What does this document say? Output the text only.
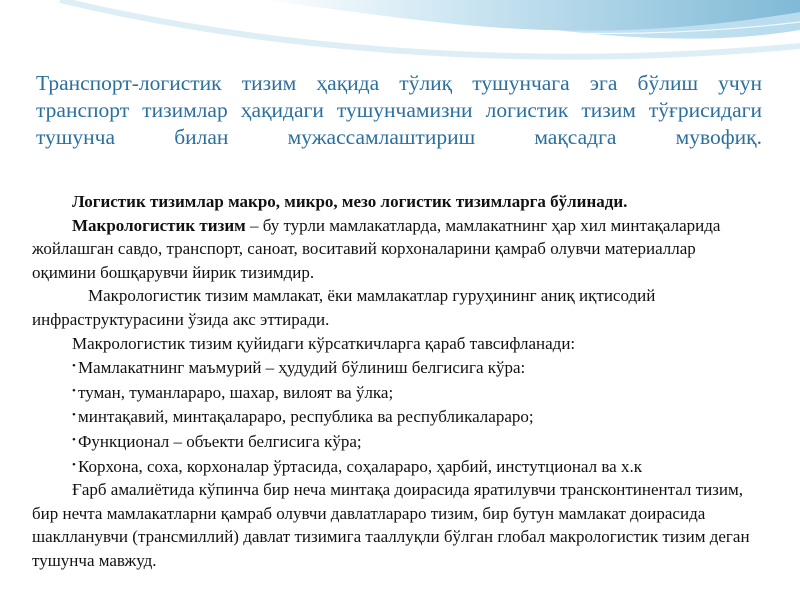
Транспорт-логистик тизим ҳақида тўлиқ тушунчага эга бўлиш учун
транспорт тизимлар ҳақидаги тушунчамизни логистик тизим тўғрисидаги
тушунча билан мужассамлаштириш мақсадга мувофиқ.

Логистик тизимлар макро, микро, мезо логистик тизимларга бўлинади.

Макрологистик тизим – бу турли мамлакатларда, мамлакатнинг ҳар хил минтақаларида жойлашган савдо, транспорт, саноат, воситавий корхоналарини қамраб олувчи материаллар оқимини бошқарувчи йирик тизимдир.

Макрологистик тизим мамлакат, ёки мамлакатлар гуруҳининг аниқ иқтисодий инфраструктурасини ўзида акс эттиради.

Макрологистик тизим қуйидаги кўрсаткичларга қараб тавсифланади:

• Мамлакатнинг маъмурий – ҳудудий бўлиниш белгисига кўра:
• туман, туманлараро, шахар, вилоят ва ўлка;
• минтақавий, минтақалараро, республика ва республикалараро;
• Функционал – объекти белгисига кўра;
• Корхона, соха, корхоналар ўртасида, соҳалараро, ҳарбий, инстутционал ва х.к

Ғарб амалиётида кўпинча бир неча минтақа доирасида яратилувчи трансконтинентал тизим, бир нечта мамлакатларни қамраб олувчи давлатлараро тизим, бир бутун мамлакат доирасида шаклланувчи (трансмиллий) давлат тизимига тааллуқли бўлган глобал макрологистик тизим деган тушунча мавжуд.
